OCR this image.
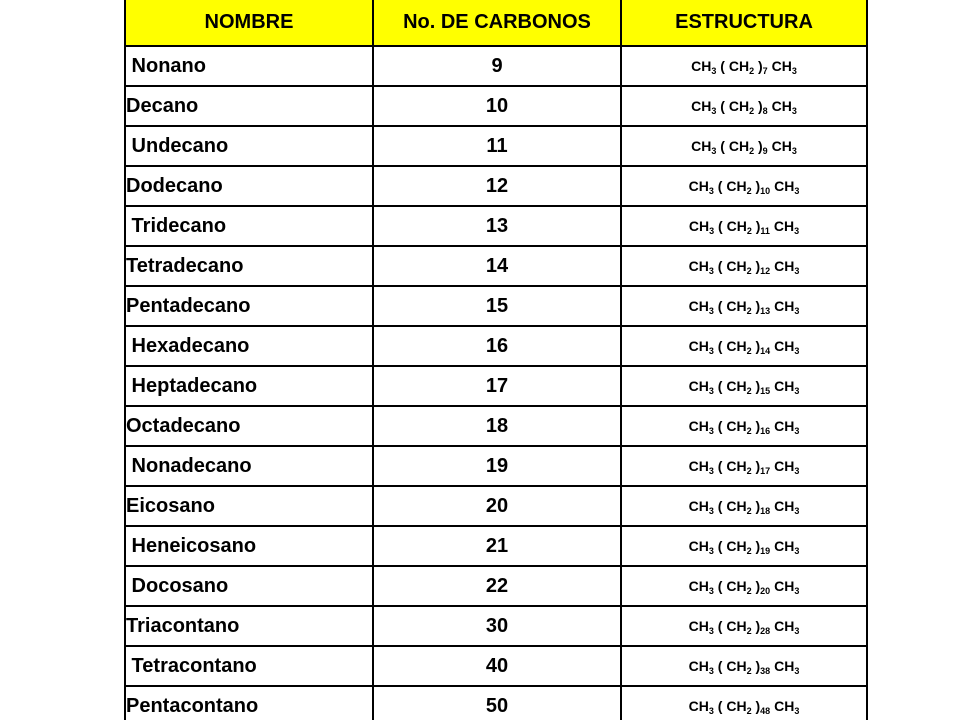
NOMBRE	No. DE CARBONOS	ESTRUCTURA
Nonano	9	$CH_3$ ( $CH_2$ )$_7$ $CH_3$
Decano	10	$CH_3$ ( $CH_2$ )$_8$ $CH_3$
Undecano	11	$CH_3$ ( $CH_2$ )$_9$ $CH_3$
Dodecano	12	$CH_3$ ( $CH_2$ )$_{10}$ $CH_3$
Tridecano	13	$CH_3$ ( $CH_2$ )$_{11}$ $CH_3$
Tetradecano	14	$CH_3$ ( $CH_2$ )$_{12}$ $CH_3$
Pentadecano	15	$CH_3$ ( $CH_2$ )$_{13}$ $CH_3$
Hexadecano	16	$CH_3$ ( $CH_2$ )$_{14}$ $CH_3$
Heptadecano	17	$CH_3$ ( $CH_2$ )$_{15}$ $CH_3$
Octadecano	18	$CH_3$ ( $CH_2$ )$_{16}$ $CH_3$
Nonadecano	19	$CH_3$ ( $CH_2$ )$_{17}$ $CH_3$
Eicosano	20	$CH_3$ ( $CH_2$ )$_{18}$ $CH_3$
Heneicosano	21	$CH_3$ ( $CH_2$ )$_{19}$ $CH_3$
Docosano	22	$CH_3$ ( $CH_2$ )$_{20}$ $CH_3$
Triacontano	30	$CH_3$ ( $CH_2$ )$_{28}$ $CH_3$
Tetracontano	40	$CH_3$ ( $CH_2$ )$_{38}$ $CH_3$
Pentacontano	50	$CH_3$ ( $CH_2$ )$_{48}$ $CH_3$
